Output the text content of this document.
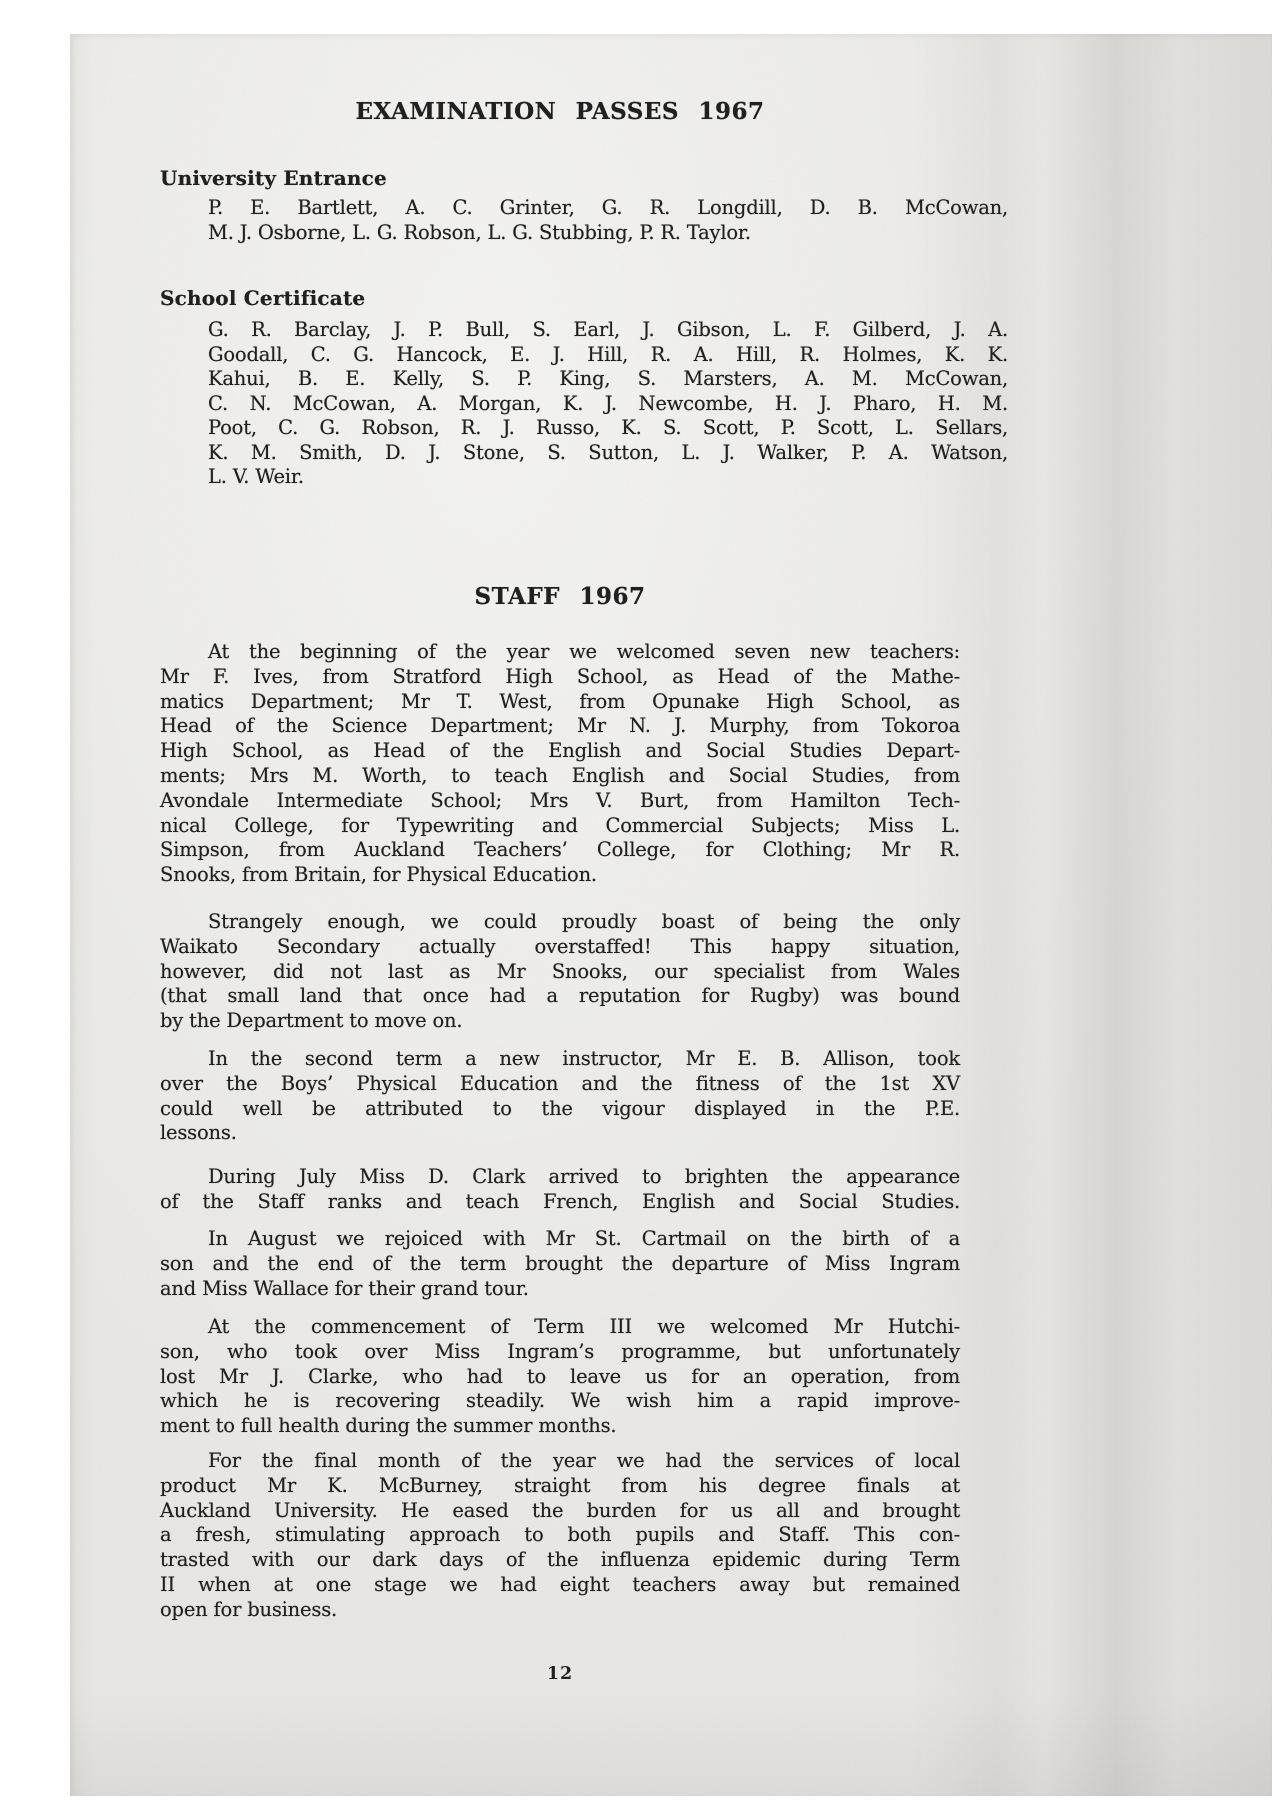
EXAMINATION PASSES 1967
University Entrance
P. E. Bartlett, A. C. Grinter, G. R. Longdill, D. B. McCowan,
M. J. Osborne, L. G. Robson, L. G. Stubbing, P. R. Taylor.
School Certificate
G. R. Barclay, J. P. Bull, S. Earl, J. Gibson, L. F. Gilberd, J. A.
Goodall, C. G. Hancock, E. J. Hill, R. A. Hill, R. Holmes, K. K.
Kahui, B. E. Kelly, S. P. King, S. Marsters, A. M. McCowan,
C. N. McCowan, A. Morgan, K. J. Newcombe, H. J. Pharo, H. M.
Poot, C. G. Robson, R. J. Russo, K. S. Scott, P. Scott, L. Sellars,
K. M. Smith, D. J. Stone, S. Sutton, L. J. Walker, P. A. Watson,
L. V. Weir.
STAFF 1967
At the beginning of the year we welcomed seven new teachers:
Mr F. Ives, from Stratford High School, as Head of the Mathe-
matics Department; Mr T. West, from Opunake High School, as
Head of the Science Department; Mr N. J. Murphy, from Tokoroa
High School, as Head of the English and Social Studies Depart-
ments; Mrs M. Worth, to teach English and Social Studies, from
Avondale Intermediate School; Mrs V. Burt, from Hamilton Tech-
nical College, for Typewriting and Commercial Subjects; Miss L.
Simpson, from Auckland Teachers’ College, for Clothing; Mr R.
Snooks, from Britain, for Physical Education.
Strangely enough, we could proudly boast of being the only
Waikato Secondary actually overstaffed! This happy situation,
however, did not last as Mr Snooks, our specialist from Wales
(that small land that once had a reputation for Rugby) was bound
by the Department to move on.
In the second term a new instructor, Mr E. B. Allison, took
over the Boys’ Physical Education and the fitness of the 1st XV
could well be attributed to the vigour displayed in the P.E.
lessons.
During July Miss D. Clark arrived to brighten the appearance
of the Staff ranks and teach French, English and Social Studies.
In August we rejoiced with Mr St. Cartmail on the birth of a
son and the end of the term brought the departure of Miss Ingram
and Miss Wallace for their grand tour.
At the commencement of Term III we welcomed Mr Hutchi-
son, who took over Miss Ingram’s programme, but unfortunately
lost Mr J. Clarke, who had to leave us for an operation, from
which he is recovering steadily. We wish him a rapid improve-
ment to full health during the summer months.
For the final month of the year we had the services of local
product Mr K. McBurney, straight from his degree finals at
Auckland University. He eased the burden for us all and brought
a fresh, stimulating approach to both pupils and Staff. This con-
trasted with our dark days of the influenza epidemic during Term
II when at one stage we had eight teachers away but remained
open for business.
12
